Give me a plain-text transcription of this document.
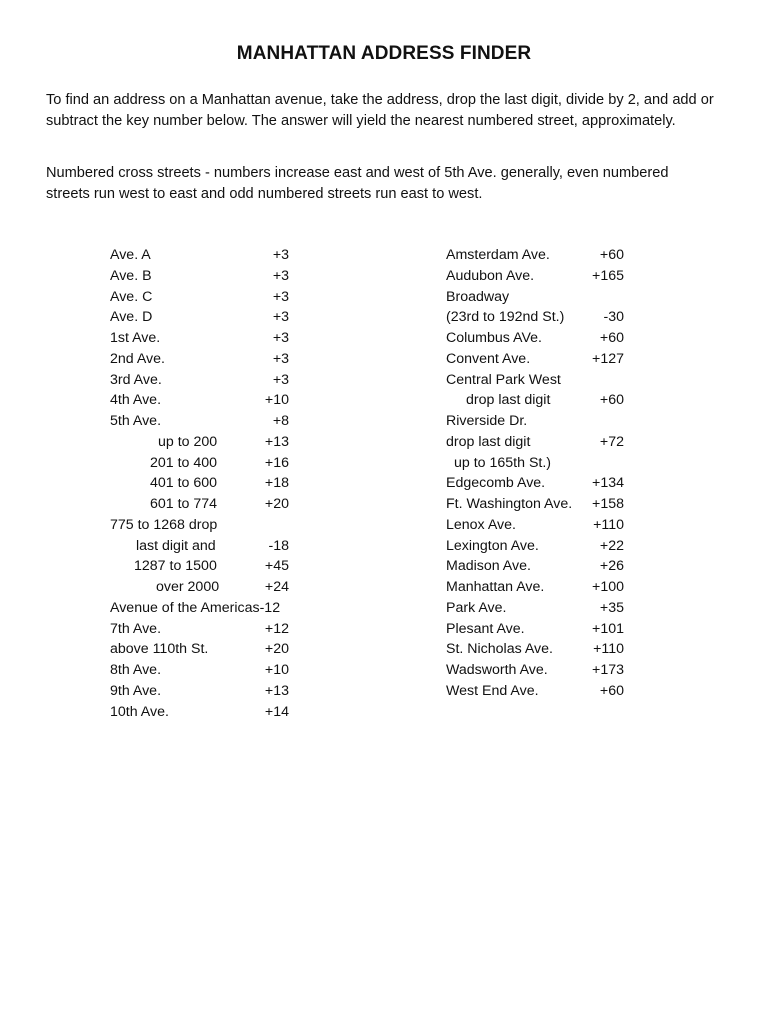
MANHATTAN ADDRESS FINDER
To find an address on a Manhattan avenue, take the address, drop the last digit, divide by 2, and add or subtract the key number below. The answer will yield the nearest numbered street, approximately.
Numbered cross streets - numbers increase east and west of 5th Ave. generally, even numbered streets run west to east and odd numbered streets run east to west.
Ave. A	+3
Ave. B	+3
Ave. C	+3
Ave. D	+3
1st Ave.	+3
2nd Ave.	+3
3rd Ave.	+3
4th Ave.	+10
5th Ave.	+8
up to 200	+13
201 to 400	+16
401 to 600	+18
601 to 774	+20
775 to 1268 drop
last digit and	-18
1287 to 1500	+45
over 2000	+24
Avenue of the Americas-12
7th Ave.	+12
above 110th St.	+20
8th Ave.	+10
9th Ave.	+13
10th Ave.	+14
Amsterdam Ave.	+60
Audubon Ave.	+165
Broadway
(23rd to 192nd St.)	-30
Columbus AVe.	+60
Convent Ave.	+127
Central Park West
drop last digit	+60
Riverside Dr.
drop last digit	+72
up to 165th St.)
Edgecomb Ave.	+134
Ft. Washington Ave. +158
Lenox Ave.	+110
Lexington Ave.	+22
Madison Ave.	+26
Manhattan Ave.	+100
Park Ave.	+35
Plesant Ave.	+101
St. Nicholas Ave.	+110
Wadsworth Ave.	+173
West End Ave.	+60
